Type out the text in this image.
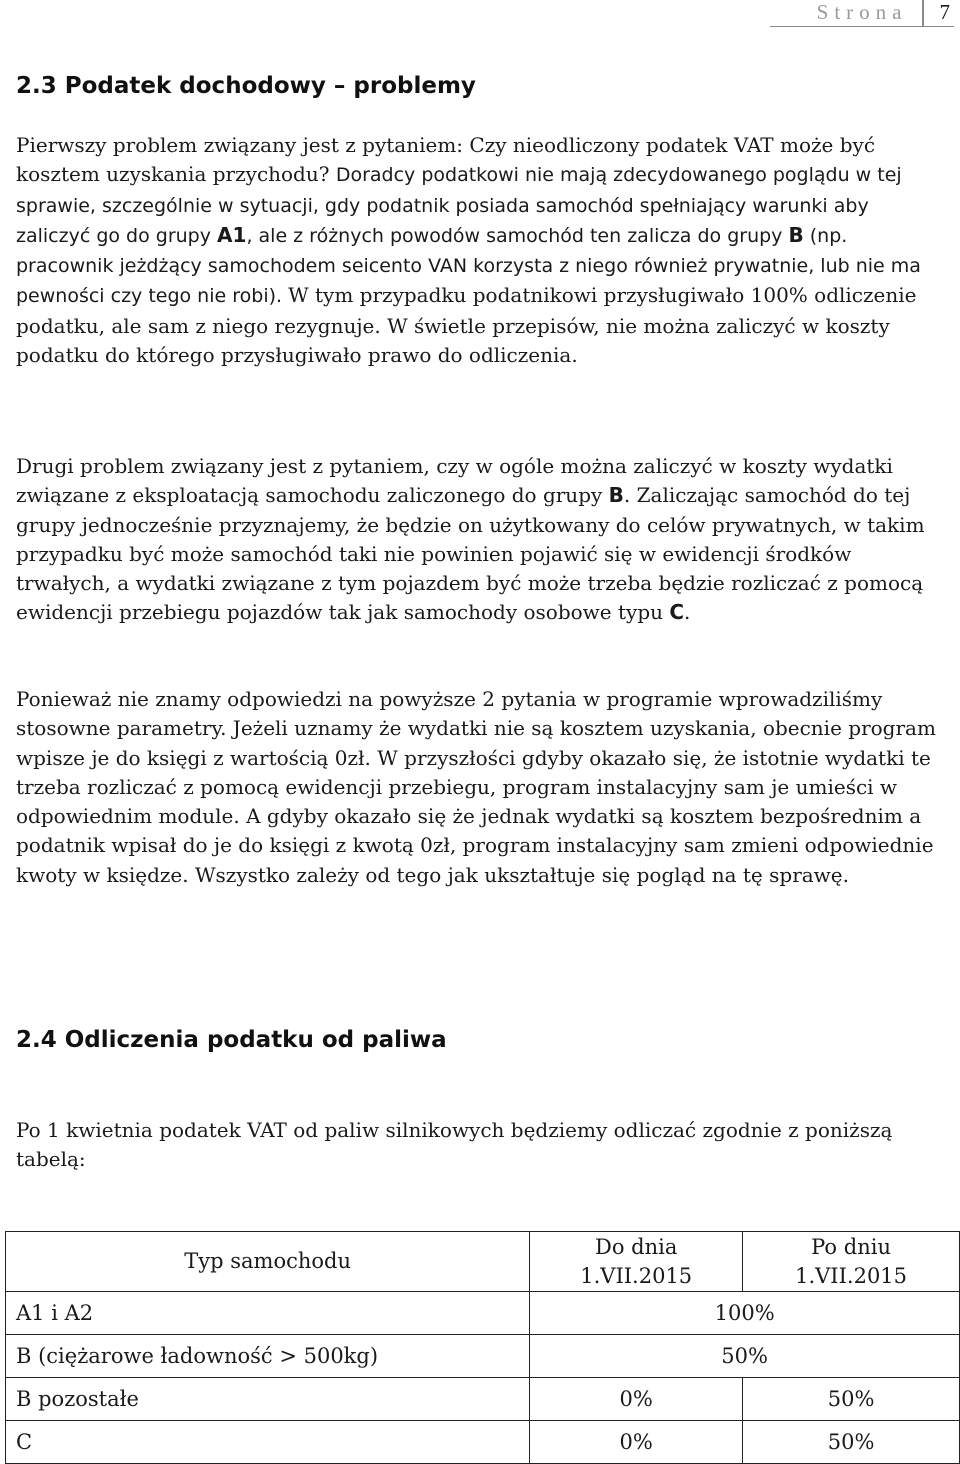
Strona	7
2.3 Podatek dochodowy – problemy

Pierwszy problem związany jest z pytaniem: Czy nieodliczony podatek VAT może być kosztem uzyskania przychodu? Doradcy podatkowi nie mają zdecydowanego poglądu w tej sprawie, szczególnie w sytuacji, gdy podatnik posiada samochód spełniający warunki aby zaliczyć go do grupy A1, ale z różnych powodów samochód ten zalicza do grupy B (np. pracownik jeżdżący samochodem seicento VAN korzysta z niego również prywatnie, lub nie ma pewności czy tego nie robi). W tym przypadku podatnikowi przysługiwało 100% odliczenie podatku, ale sam z niego rezygnuje. W świetle przepisów, nie można zaliczyć w koszty podatku do którego przysługiwało prawo do odliczenia.

Drugi problem związany jest z pytaniem, czy w ogóle można zaliczyć w koszty wydatki związane z eksploatacją samochodu zaliczonego do grupy B. Zaliczając samochód do tej grupy jednocześnie przyznajemy, że będzie on użytkowany do celów prywatnych, w takim przypadku być może samochód taki nie powinien pojawić się w ewidencji środków trwałych, a wydatki związane z tym pojazdem być może trzeba będzie rozliczać z pomocą ewidencji przebiegu pojazdów tak jak samochody osobowe typu C.

Ponieważ nie znamy odpowiedzi na powyższe 2 pytania w programie wprowadziliśmy stosowne parametry. Jeżeli uznamy że wydatki nie są kosztem uzyskania, obecnie program wpisze je do księgi z wartością 0zł. W przyszłości gdyby okazało się, że istotnie wydatki te trzeba rozliczać z pomocą ewidencji przebiegu, program instalacyjny sam je umieści w odpowiednim module. A gdyby okazało się że jednak wydatki są kosztem bezpośrednim a podatnik wpisał do je do księgi z kwotą 0zł, program instalacyjny sam zmieni odpowiednie kwoty w księdze. Wszystko zależy od tego jak ukształtuje się pogląd na tę sprawę.

2.4 Odliczenia podatku od paliwa

Po 1 kwietnia podatek VAT od paliw silnikowych będziemy odliczać zgodnie z poniższą tabelą:

Typ samochodu	Do dnia 1.VII.2015	Po dniu 1.VII.2015
A1 i A2	100%	
B (ciężarowe ładowność > 500kg)	50%	
B pozostałe	0%	50%
C	0%	50%
